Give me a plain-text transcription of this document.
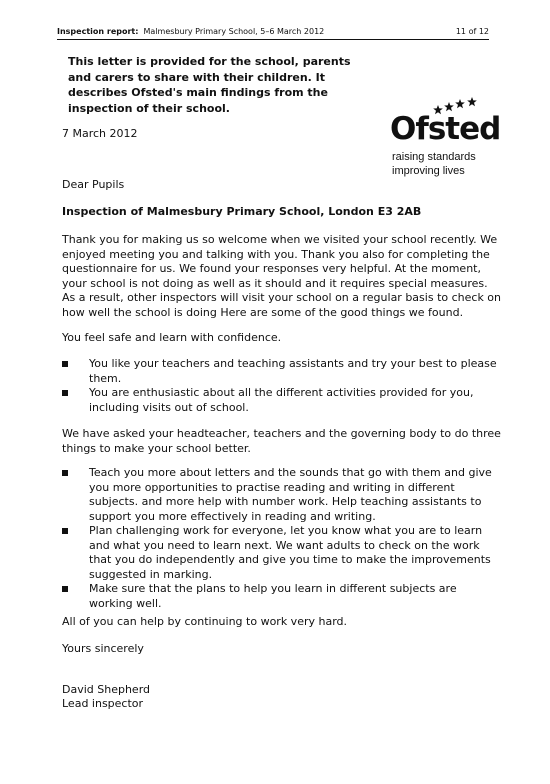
Inspection report: Malmesbury Primary School, 5–6 March 2012	11 of 12
This letter is provided for the school, parents and carers to share with their children. It describes Ofsted's main findings from the inspection of their school.
7 March 2012	Ofsted
raising standards
improving lives
Dear Pupils
Inspection of Malmesbury Primary School, London E3 2AB
Thank you for making us so welcome when we visited your school recently. We enjoyed meeting you and talking with you. Thank you also for completing the questionnaire for us. We found your responses very helpful. At the moment, your school is not doing as well as it should and it requires special measures. As a result, other inspectors will visit your school on a regular basis to check on how well the school is doing Here are some of the good things we found.
You feel safe and learn with confidence.
You like your teachers and teaching assistants and try your best to please them.
You are enthusiastic about all the different activities provided for you, including visits out of school.
We have asked your headteacher, teachers and the governing body to do three things to make your school better.
Teach you more about letters and the sounds that go with them and give you more opportunities to practise reading and writing in different subjects. and more help with number work. Help teaching assistants to support you more effectively in reading and writing.
Plan challenging work for everyone, let you know what you are to learn and what you need to learn next. We want adults to check on the work that you do independently and give you time to make the improvements suggested in marking.
Make sure that the plans to help you learn in different subjects are working well.
All of you can help by continuing to work very hard.
Yours sincerely
David Shepherd
Lead inspector
